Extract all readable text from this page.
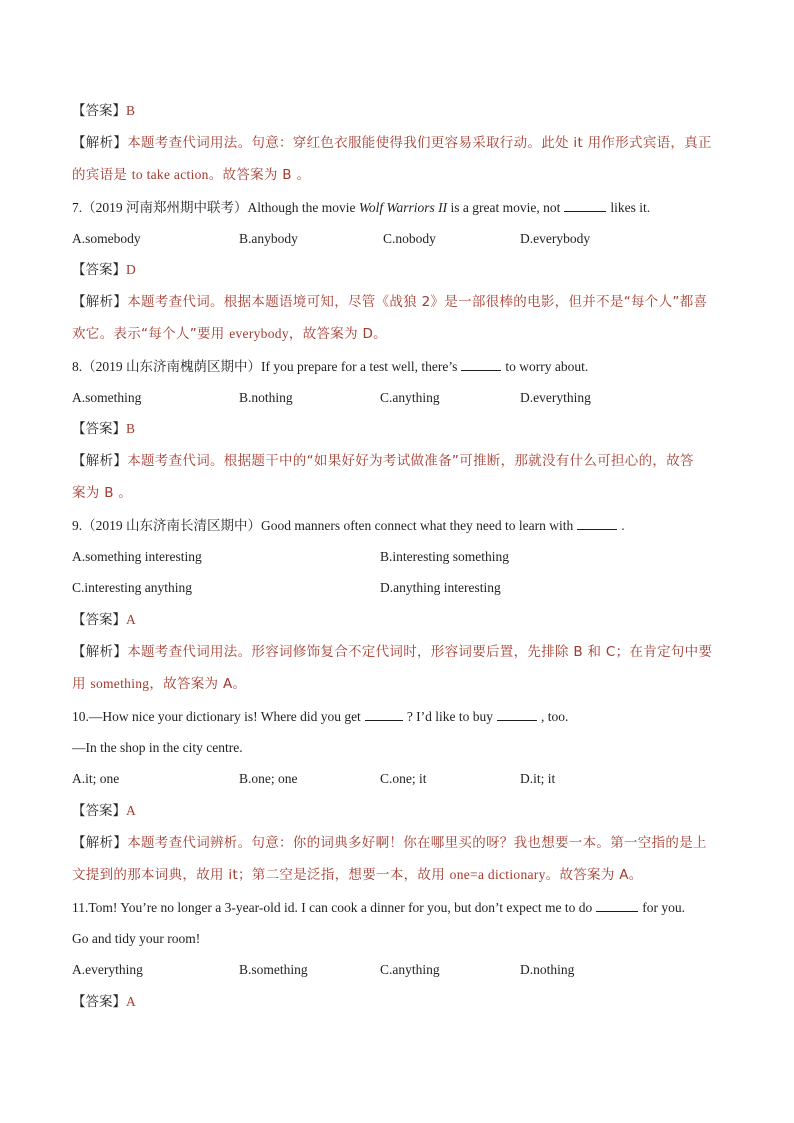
【答案】B
【解析】本题考查代词用法。句意：穿红色衣服能使得我们更容易采取行动。此处 it 用作形式宾语，真正
的宾语是 to take action。故答案为 B 。
7.（2019 河南郑州期中联考）Although the movie Wolf Warriors II is a great movie, not	likes it.
A.somebody	B.anybody	C.nobody	D.everybody
【答案】D
【解析】本题考查代词。根据本题语境可知，尽管《战狼 2》是一部很棒的电影，但并不是“每个人”都喜
欢它。表示“每个人”要用 everybody，故答案为 D。
8.（2019 山东济南槐荫区期中）If you prepare for a test well, there’s	to worry about.
A.something	B.nothing	C.anything	D.everything
【答案】B
【解析】本题考查代词。根据题干中的“如果好好为考试做准备”可推断，那就没有什么可担心的，故答
案为 B 。
9.（2019 山东济南长清区期中）Good manners often connect what they need to learn with	.
A.something interesting	B.interesting something
C.interesting anything	D.anything interesting
【答案】A
【解析】本题考查代词用法。形容词修饰复合不定代词时，形容词要后置，先排除 B 和 C；在肯定句中要
用 something，故答案为 A。
10.—How nice your dictionary is! Where did you get	? I’d like to buy	, too.
—In the shop in the city centre.
A.it; one	B.one; one	C.one; it	D.it; it
【答案】A
【解析】本题考查代词辨析。句意：你的词典多好啊！你在哪里买的呀？我也想要一本。第一空指的是上
文提到的那本词典，故用 it；第二空是泛指，想要一本，故用 one=a dictionary。故答案为 A。
11.Tom! You’re no longer a 3-year-old id. I can cook a dinner for you, but don’t expect me to do	for you.
Go and tidy your room!
A.everything	B.something	C.anything	D.nothing
【答案】A
